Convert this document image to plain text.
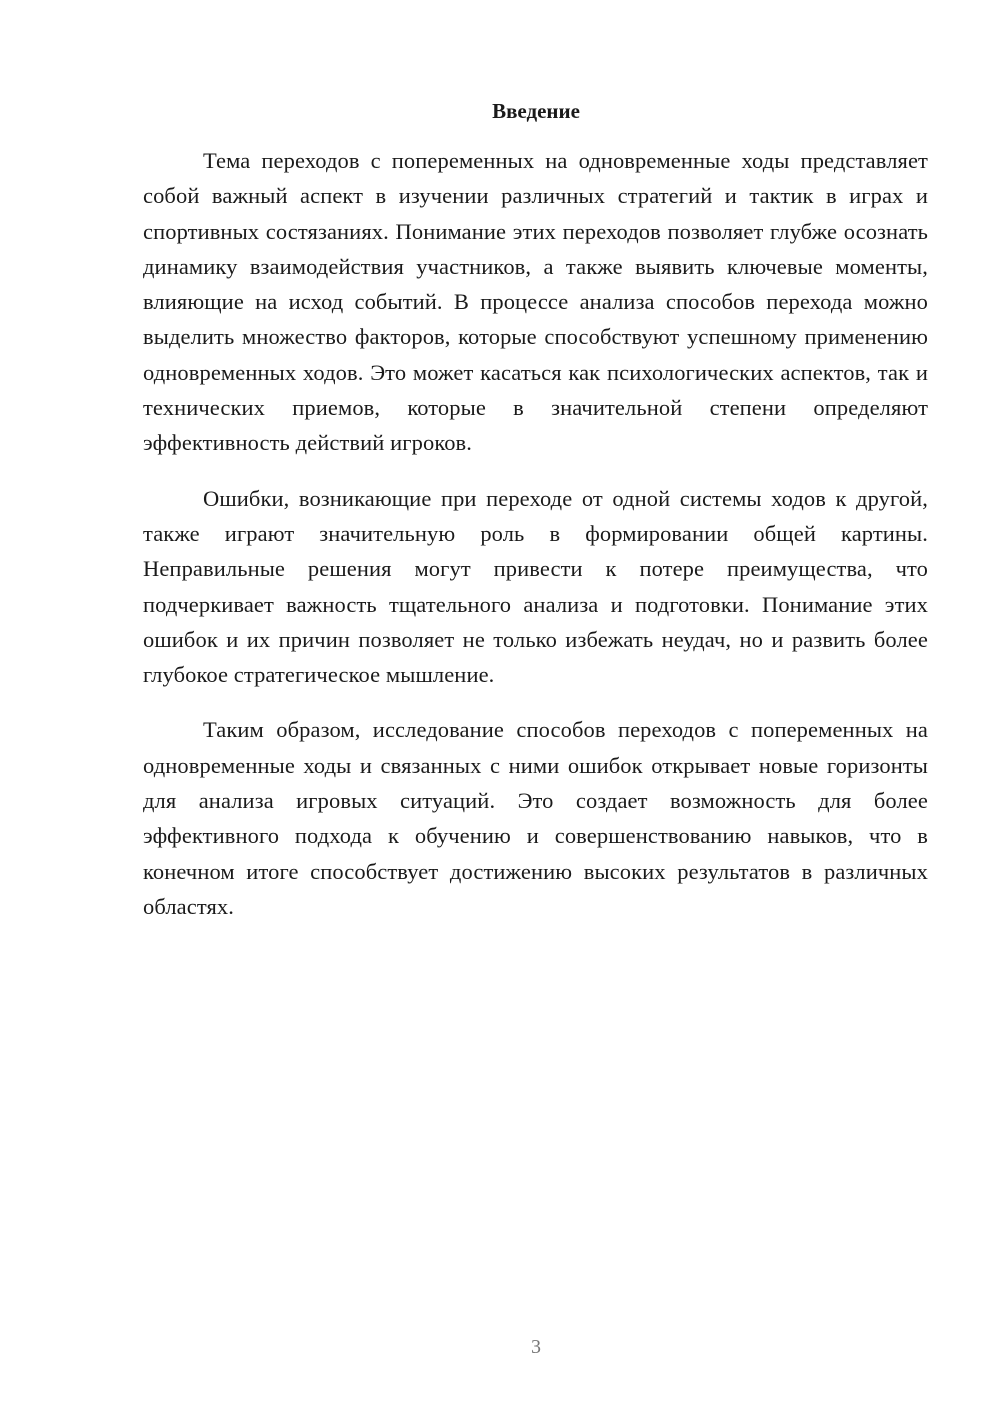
Введение

Тема переходов с попеременных на одновременные ходы представляет собой важный аспект в изучении различных стратегий и тактик в играх и спортивных состязаниях. Понимание этих переходов позволяет глубже осознать динамику взаимодействия участников, а также выявить ключевые моменты, влияющие на исход событий. В процессе анализа способов перехода можно выделить множество факторов, которые способствуют успешному применению одновременных ходов. Это может касаться как психологических аспектов, так и технических приемов, которые в значительной степени определяют эффективность действий игроков.

Ошибки, возникающие при переходе от одной системы ходов к другой, также играют значительную роль в формировании общей картины. Неправильные решения могут привести к потере преимущества, что подчеркивает важность тщательного анализа и подготовки. Понимание этих ошибок и их причин позволяет не только избежать неудач, но и развить более глубокое стратегическое мышление.

Таким образом, исследование способов переходов с попеременных на одновременные ходы и связанных с ними ошибок открывает новые горизонты для анализа игровых ситуаций. Это создает возможность для более эффективного подхода к обучению и совершенствованию навыков, что в конечном итоге способствует достижению высоких результатов в различных областях.

3
